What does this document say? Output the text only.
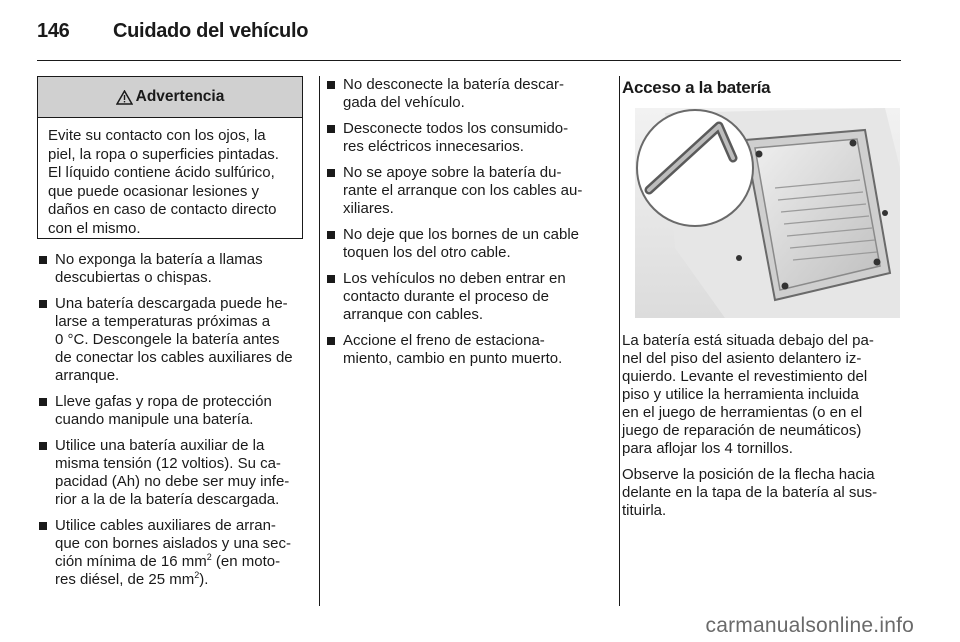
146 Cuidado del vehículo
Advertencia
Evite su contacto con los ojos, la
piel, la ropa o superficies pintadas.
El líquido contiene ácido sulfúrico,
que puede ocasionar lesiones y
daños en caso de contacto directo
con el mismo.
No exponga la batería a llamas
descubiertas o chispas.
Una batería descargada puede he-
larse a temperaturas próximas a
0 °C. Descongele la batería antes
de conectar los cables auxiliares de
arranque.
Lleve gafas y ropa de protección
cuando manipule una batería.
Utilice una batería auxiliar de la
misma tensión (12 voltios). Su ca-
pacidad (Ah) no debe ser muy infe-
rior a la de la batería descargada.
Utilice cables auxiliares de arran-
que con bornes aislados y una sec-
ción mínima de 16 $mm^2$ (en moto-
res diésel, de 25 $mm^2$).
No desconecte la batería descar-
gada del vehículo.
Desconecte todos los consumido-
res eléctricos innecesarios.
No se apoye sobre la batería du-
rante el arranque con los cables au-
xiliares.
No deje que los bornes de un cable
toquen los del otro cable.
Los vehículos no deben entrar en
contacto durante el proceso de
arranque con cables.
Accione el freno de estaciona-
miento, cambio en punto muerto.
Acceso a la batería

La batería está situada debajo del pa-
nel del piso del asiento delantero iz-
quierdo. Levante el revestimiento del
piso y utilice la herramienta incluida
en el juego de herramientas (o en el
juego de reparación de neumáticos)
para aflojar los 4 tornillos.

Observe la posición de la flecha hacia
delante en la tapa de la batería al sus-
tituirla.

carmanualsonline.info
